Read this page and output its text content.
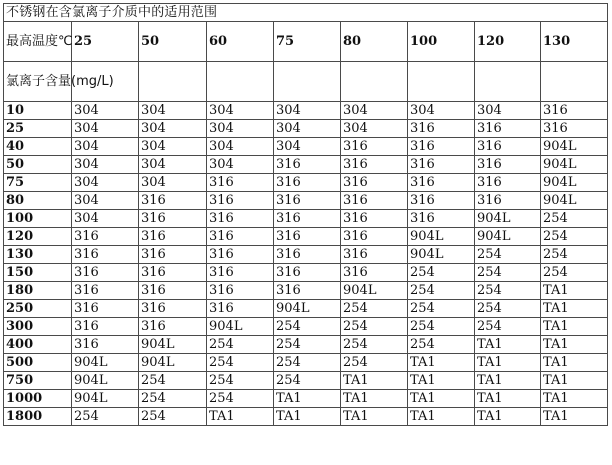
不锈钢在含氯离子介质中的适用范围								
最高温度℃	25	50	60	75	80	100	120	130
氯离子含量(mg/L)								
10	304	304	304	304	304	304	304	316
25	304	304	304	304	304	316	316	316
40	304	304	304	304	316	316	316	904L
50	304	304	304	316	316	316	316	904L
75	304	304	316	316	316	316	316	904L
80	304	316	316	316	316	316	316	904L
100	304	316	316	316	316	316	904L	254
120	316	316	316	316	316	904L	904L	254
130	316	316	316	316	316	904L	254	254
150	316	316	316	316	316	254	254	254
180	316	316	316	316	904L	254	254	TA1
250	316	316	316	904L	254	254	254	TA1
300	316	316	904L	254	254	254	254	TA1
400	316	904L	254	254	254	254	TA1	TA1
500	904L	904L	254	254	254	TA1	TA1	TA1
750	904L	254	254	254	TA1	TA1	TA1	TA1
1000	904L	254	254	TA1	TA1	TA1	TA1	TA1
1800	254	254	TA1	TA1	TA1	TA1	TA1	TA1
